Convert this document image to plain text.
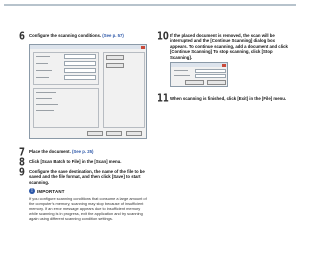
6 Configure the scanning conditions. (See p. 57)
7 Place the document. (See p. 25)
8 Click [Scan Batch to File] in the [Scan] menu.
9 Configure the save destination, the name of the file to be saved and the file format, and then click [Save] to start scanning.
! IMPORTANT
If you configure scanning conditions that consume a large amount of the computer's memory, scanning may stop because of insufficient memory. If an error message appears due to insufficient memory while scanning is in progress, exit the application and try scanning again using different scanning condition settings.
10 If the placed document is removed, the scan will be interrupted and the [Continue Scanning] dialog box appears. To continue scanning, add a document and click [Continue Scanning] To stop scanning, click [Stop Scanning].
11 When scanning is finished, click [Exit] in the [File] menu.
